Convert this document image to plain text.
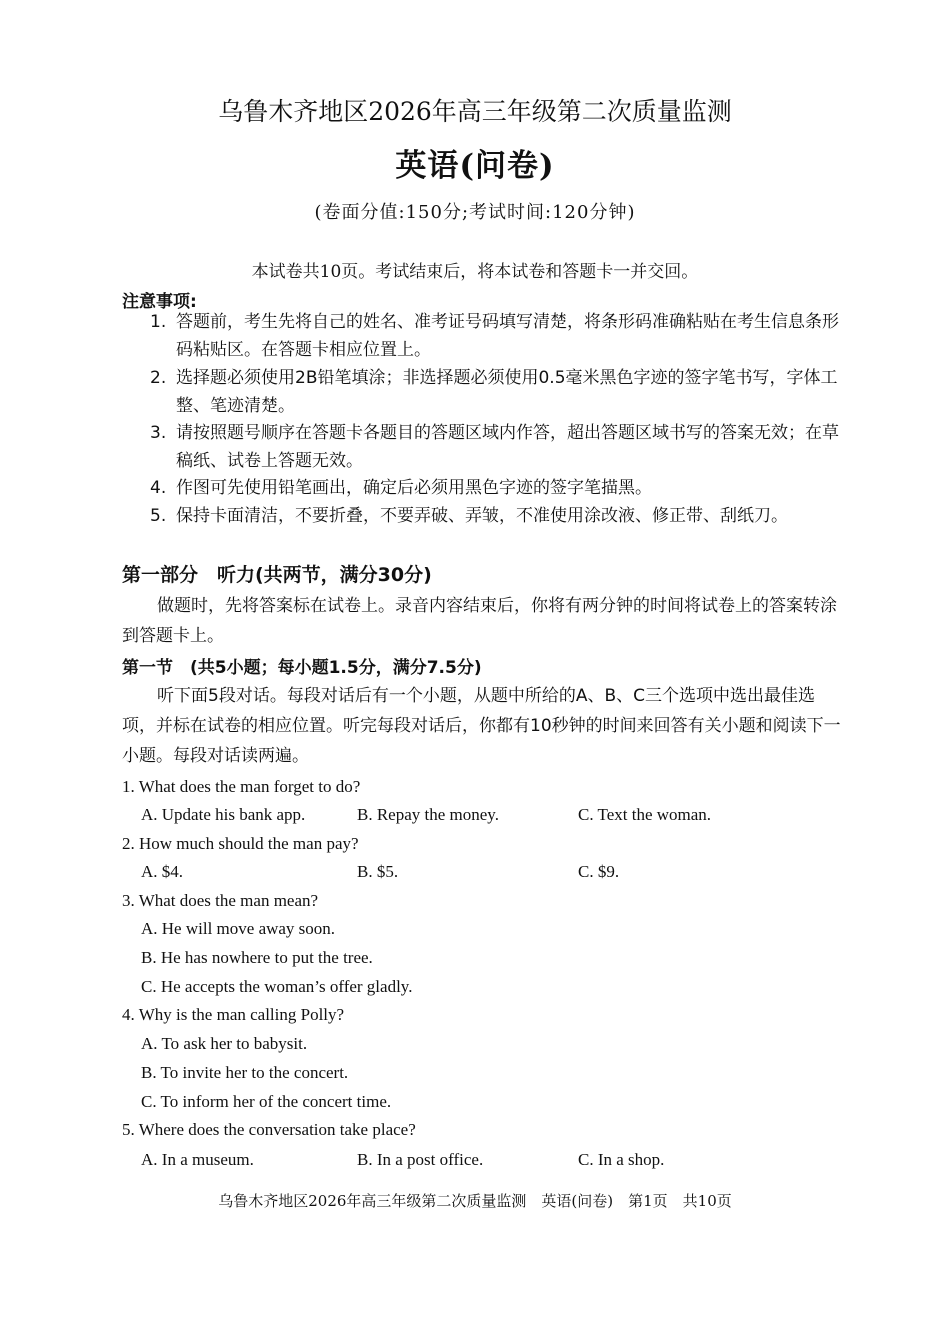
乌鲁木齐地区2026年高三年级第二次质量监测
英语(问卷)
(卷面分值:150分;考试时间:120分钟)
本试卷共10页。考试结束后，将本试卷和答题卡一并交回。
注意事项:
1. 答题前，考生先将自己的姓名、准考证号码填写清楚，将条形码准确粘贴在考生信息条形码粘贴区。在答题卡相应位置上。
2. 选择题必须使用2B铅笔填涂；非选择题必须使用0.5毫米黑色字迹的签字笔书写，字体工整、笔迹清楚。
3. 请按照题号顺序在答题卡各题目的答题区域内作答，超出答题区域书写的答案无效；在草稿纸、试卷上答题无效。
4. 作图可先使用铅笔画出，确定后必须用黑色字迹的签字笔描黑。
5. 保持卡面清洁，不要折叠，不要弄破、弄皱，不准使用涂改液、修正带、刮纸刀。
第一部分　听力(共两节，满分30分)
做题时，先将答案标在试卷上。录音内容结束后，你将有两分钟的时间将试卷上的答案转涂到答题卡上。
第一节　(共5小题；每小题1.5分，满分7.5分)
听下面5段对话。每段对话后有一个小题，从题中所给的A、B、C三个选项中选出最佳选项，并标在试卷的相应位置。听完每段对话后，你都有10秒钟的时间来回答有关小题和阅读下一小题。每段对话读两遍。
1. What does the man forget to do?
A. Update his bank app.	B. Repay the money.	C. Text the woman.
2. How much should the man pay?
A. $4.	B. $5.	C. $9.
3. What does the man mean?
A. He will move away soon.
B. He has nowhere to put the tree.
C. He accepts the woman’s offer gladly.
4. Why is the man calling Polly?
A. To ask her to babysit.
B. To invite her to the concert.
C. To inform her of the concert time.
5. Where does the conversation take place?
A. In a museum.	B. In a post office.	C. In a shop.
乌鲁木齐地区2026年高三年级第二次质量监测　英语(问卷)　第1页　共10页
